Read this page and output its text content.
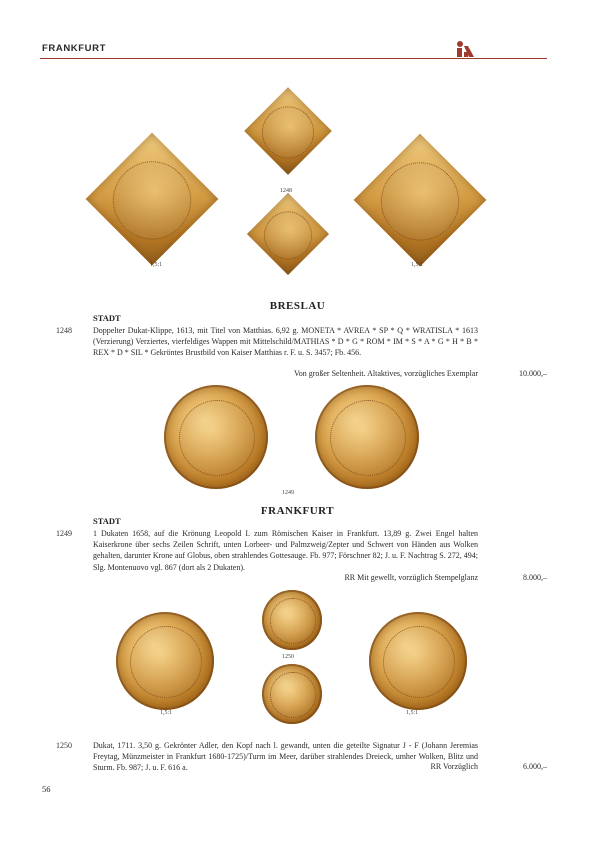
FRANKFURT
1248
1,5:1	1,5:1
BRESLAU
STADT
1248	Doppelter Dukat-Klippe, 1613, mit Titel von Matthias. 6,92 g. MONETA * AVREA * SP * Q * WRATISLA * 1613 (Verzierung) Verziertes, vierfeldiges Wappen mit Mittelschild/MATHIAS * D * G * ROM * IM * S * A * G * H * B * REX * D * SIL * Gekröntes Brustbild von Kaiser Matthias r. F. u. S. 3457; Fb. 456.
Von großer Seltenheit. Altaktives, vorzügliches Exemplar	10.000,–
1249
FRANKFURT
STADT
1249	1 Dukaten 1658, auf die Krönung Leopold I. zum Römischen Kaiser in Frankfurt. 13,89 g. Zwei Engel halten Kaiserkrone über sechs Zeilen Schrift, unten Lorbeer- und Palmzweig/Zepter und Schwert von Händen aus Wolken gehalten, darunter Krone auf Globus, oben strahlendes Gottesauge. Fb. 977; Förschner 82; J. u. F. Nachtrag S. 272, 494; Slg. Montenuovo vgl. 867 (dort als 2 Dukaten).
RR Mit gewellt, vorzüglich Stempelglanz	8.000,–
1250
1,5:1	1,5:1
1250	Dukat, 1711. 3,50 g. Gekrönter Adler, den Kopf nach l. gewandt, unten die geteilte Signatur J - F (Johann Jeremias Freytag, Münzmeister in Frankfurt 1680-1725)/Turm im Meer, darüber strahlendes Dreieck, umher Wolken, Blitz und Sturm. Fb. 987; J. u. F. 616 a.	RR Vorzüglich	6.000,–
56
